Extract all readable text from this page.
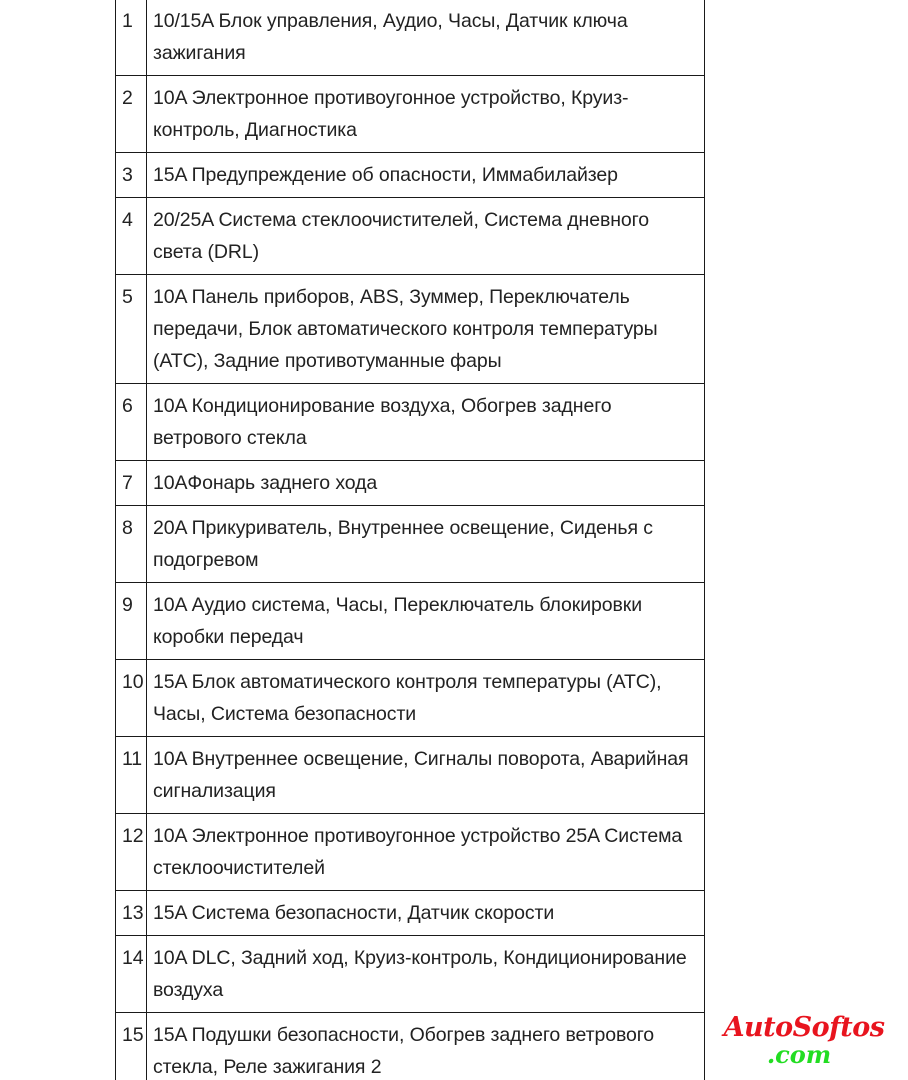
1	10/15A Блок управления, Аудио, Часы, Датчик ключа зажигания
2	10A Электронное противоугонное устройство, Круиз-контроль, Диагностика
3	15A Предупреждение об опасности, Иммабилайзер
4	20/25A Система стеклоочистителей, Система дневного света (DRL)
5	10A Панель приборов, ABS, Зуммер, Переключатель передачи, Блок автоматического контроля температуры (АТС), Задние противотуманные фары
6	10A Кондиционирование воздуха, Обогрев заднего ветрового стекла
7	10AФонарь заднего хода
8	20A Прикуриватель, Внутреннее освещение, Сиденья с подогревом
9	10A Аудио система, Часы, Переключатель блокировки коробки передач
10	15A Блок автоматического контроля температуры (АТС), Часы, Система безопасности
11	10A Внутреннее освещение, Сигналы поворота, Аварийная сигнализация
12	10A Электронное противоугонное устройство 25A Система стеклоочистителей
13	15A Система безопасности, Датчик скорости
14	10A DLC, Задний ход, Круиз-контроль, Кондиционирование воздуха
15	15A Подушки безопасности, Обогрев заднего ветрового стекла, Реле зажигания 2
AutoSoftos
.com
